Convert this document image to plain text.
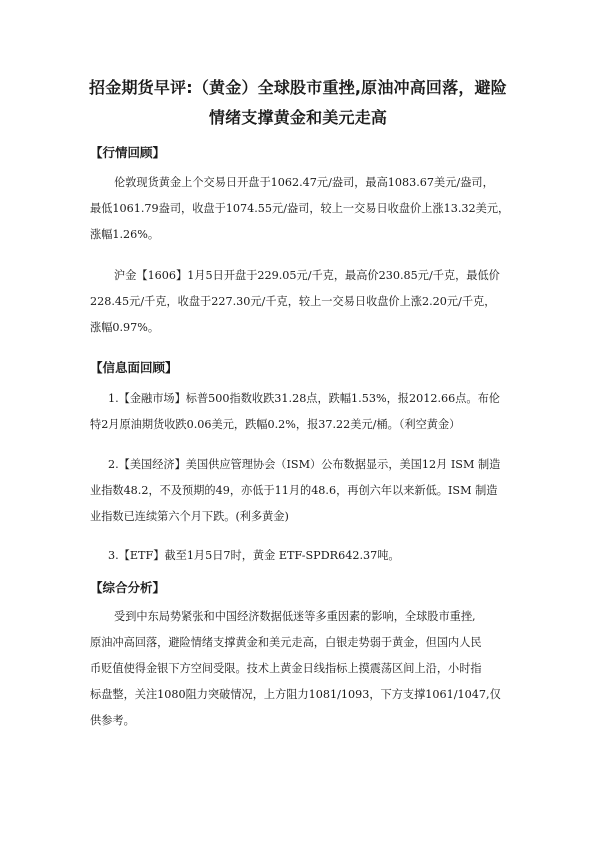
招金期货早评:（黄金）全球股市重挫,原油冲高回落，避险
情绪支撑黄金和美元走高
【行情回顾】
伦敦现货黄金上个交易日开盘于1062.47元/盎司，最高1083.67美元/盎司，
最低1061.79盎司，收盘于1074.55元/盎司，较上一交易日收盘价上涨13.32美元，
涨幅1.26%。
沪金【1606】1月5日开盘于229.05元/千克，最高价230.85元/千克，最低价
228.45元/千克，收盘于227.30元/千克，较上一交易日收盘价上涨2.20元/千克，
涨幅0.97%。
【信息面回顾】
1.【金融市场】标普500指数收跌31.28点，跌幅1.53%，报2012.66点。布伦
特2月原油期货收跌0.06美元，跌幅0.2%，报37.22美元/桶。（利空黄金）
2.【美国经济】美国供应管理协会（ISM）公布数据显示，美国12月 ISM 制造
业指数48.2，不及预期的49，亦低于11月的48.6，再创六年以来新低。ISM 制造
业指数已连续第六个月下跌。(利多黄金)
3.【ETF】截至1月5日7时，黄金 ETF-SPDR642.37吨。
【综合分析】
受到中东局势紧张和中国经济数据低迷等多重因素的影响，全球股市重挫,
原油冲高回落，避险情绪支撑黄金和美元走高，白银走势弱于黄金，但国内人民
币贬值使得金银下方空间受限。技术上黄金日线指标上摸震荡区间上沿，小时指
标盘整，关注1080阻力突破情况，上方阻力1081/1093，下方支撑1061/1047,仅
供参考。
